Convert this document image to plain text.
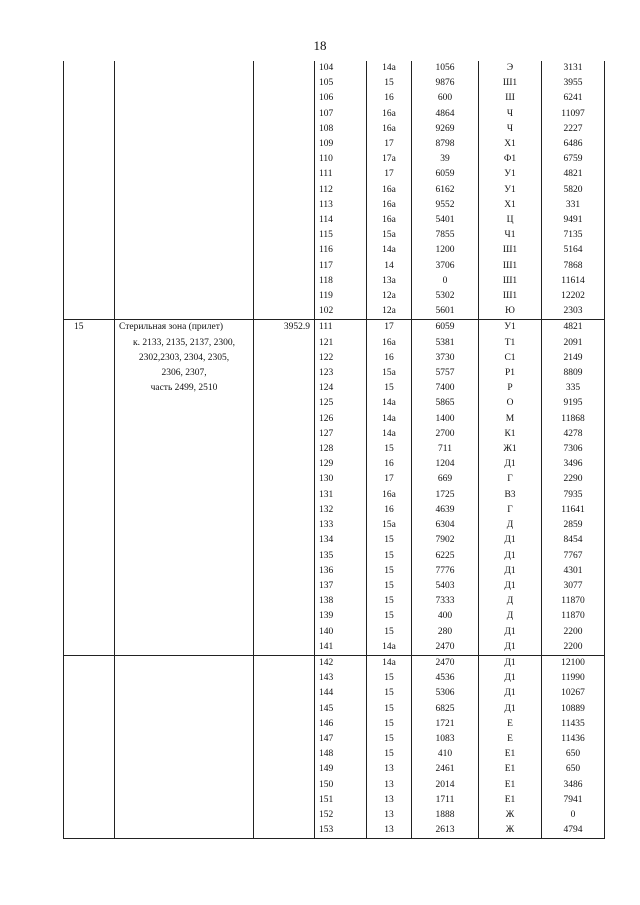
18
			104	14a	1056	Э	3131
			105	15	9876	Ш1	3955
			106	16	600	Ш	6241
			107	16a	4864	Ч	11097
			108	16a	9269	Ч	2227
			109	17	8798	Х1	6486
			110	17a	39	Ф1	6759
			111	17	6059	У1	4821
			112	16a	6162	У1	5820
			113	16a	9552	Х1	331
			114	16a	5401	Ц	9491
			115	15a	7855	Ч1	7135
			116	14a	1200	Ш1	5164
			117	14	3706	Ш1	7868
			118	13a	0	Ш1	11614
			119	12a	5302	Ш1	12202
			102	12a	5601	Ю	2303
15	Стерильная зона (прилет)	3952.9	111	17	6059	У1	4821

	к. 2133, 2135, 2137, 2300,		121	16a	5381	Т1	2091

	2302,2303, 2304, 2305,		122	16	3730	С1	2149

	2306, 2307,		123	15a	5757	Р1	8809

	часть 2499, 2510		124	15	7400	Р	335
			125	14a	5865	О	9195
			126	14a	1400	М	11868
			127	14a	2700	К1	4278
			128	15	711	Ж1	7306
			129	16	1204	Д1	3496
			130	17	669	Г	2290
			131	16a	1725	В3	7935
			132	16	4639	Г	11641
			133	15a	6304	Д	2859
			134	15	7902	Д1	8454
			135	15	6225	Д1	7767
			136	15	7776	Д1	4301
			137	15	5403	Д1	3077
			138	15	7333	Д	11870
			139	15	400	Д	11870
			140	15	280	Д1	2200
			141	14a	2470	Д1	2200
			142	14a	2470	Д1	12100
			143	15	4536	Д1	11990
			144	15	5306	Д1	10267
			145	15	6825	Д1	10889
			146	15	1721	Е	11435
			147	15	1083	Е	11436
			148	15	410	Е1	650
			149	13	2461	Е1	650
			150	13	2014	Е1	3486
			151	13	1711	Е1	7941
			152	13	1888	Ж	0
			153	13	2613	Ж	4794
